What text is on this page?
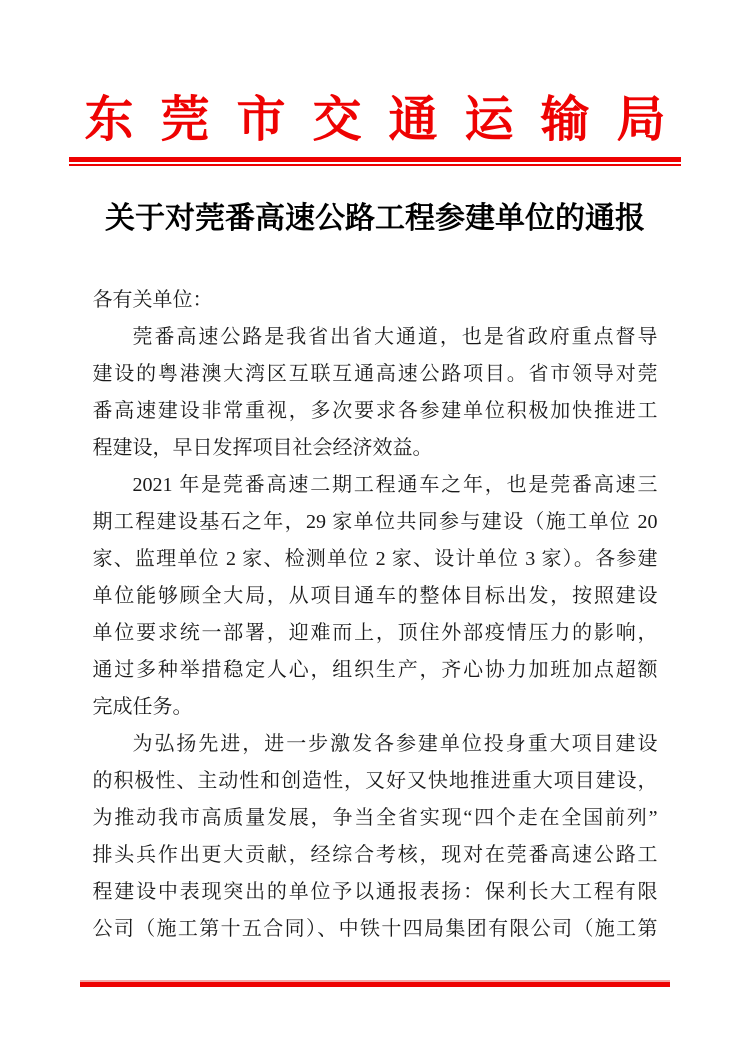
东莞市交通运输局
关于对莞番高速公路工程参建单位的通报
各有关单位：
莞番高速公路是我省出省大通道，也是省政府重点督导
建设的粤港澳大湾区互联互通高速公路项目。省市领导对莞
番高速建设非常重视，多次要求各参建单位积极加快推进工
程建设，早日发挥项目社会经济效益。
2021 年是莞番高速二期工程通车之年，也是莞番高速三
期工程建设基石之年，29 家单位共同参与建设（施工单位 20
家、监理单位 2 家、检测单位 2 家、设计单位 3 家）。各参建
单位能够顾全大局，从项目通车的整体目标出发，按照建设
单位要求统一部署，迎难而上，顶住外部疫情压力的影响，
通过多种举措稳定人心，组织生产，齐心协力加班加点超额
完成任务。
为弘扬先进，进一步激发各参建单位投身重大项目建设
的积极性、主动性和创造性，又好又快地推进重大项目建设，
为推动我市高质量发展，争当全省实现“四个走在全国前列”
排头兵作出更大贡献，经综合考核，现对在莞番高速公路工
程建设中表现突出的单位予以通报表扬：保利长大工程有限
公司（施工第十五合同）、中铁十四局集团有限公司（施工第
